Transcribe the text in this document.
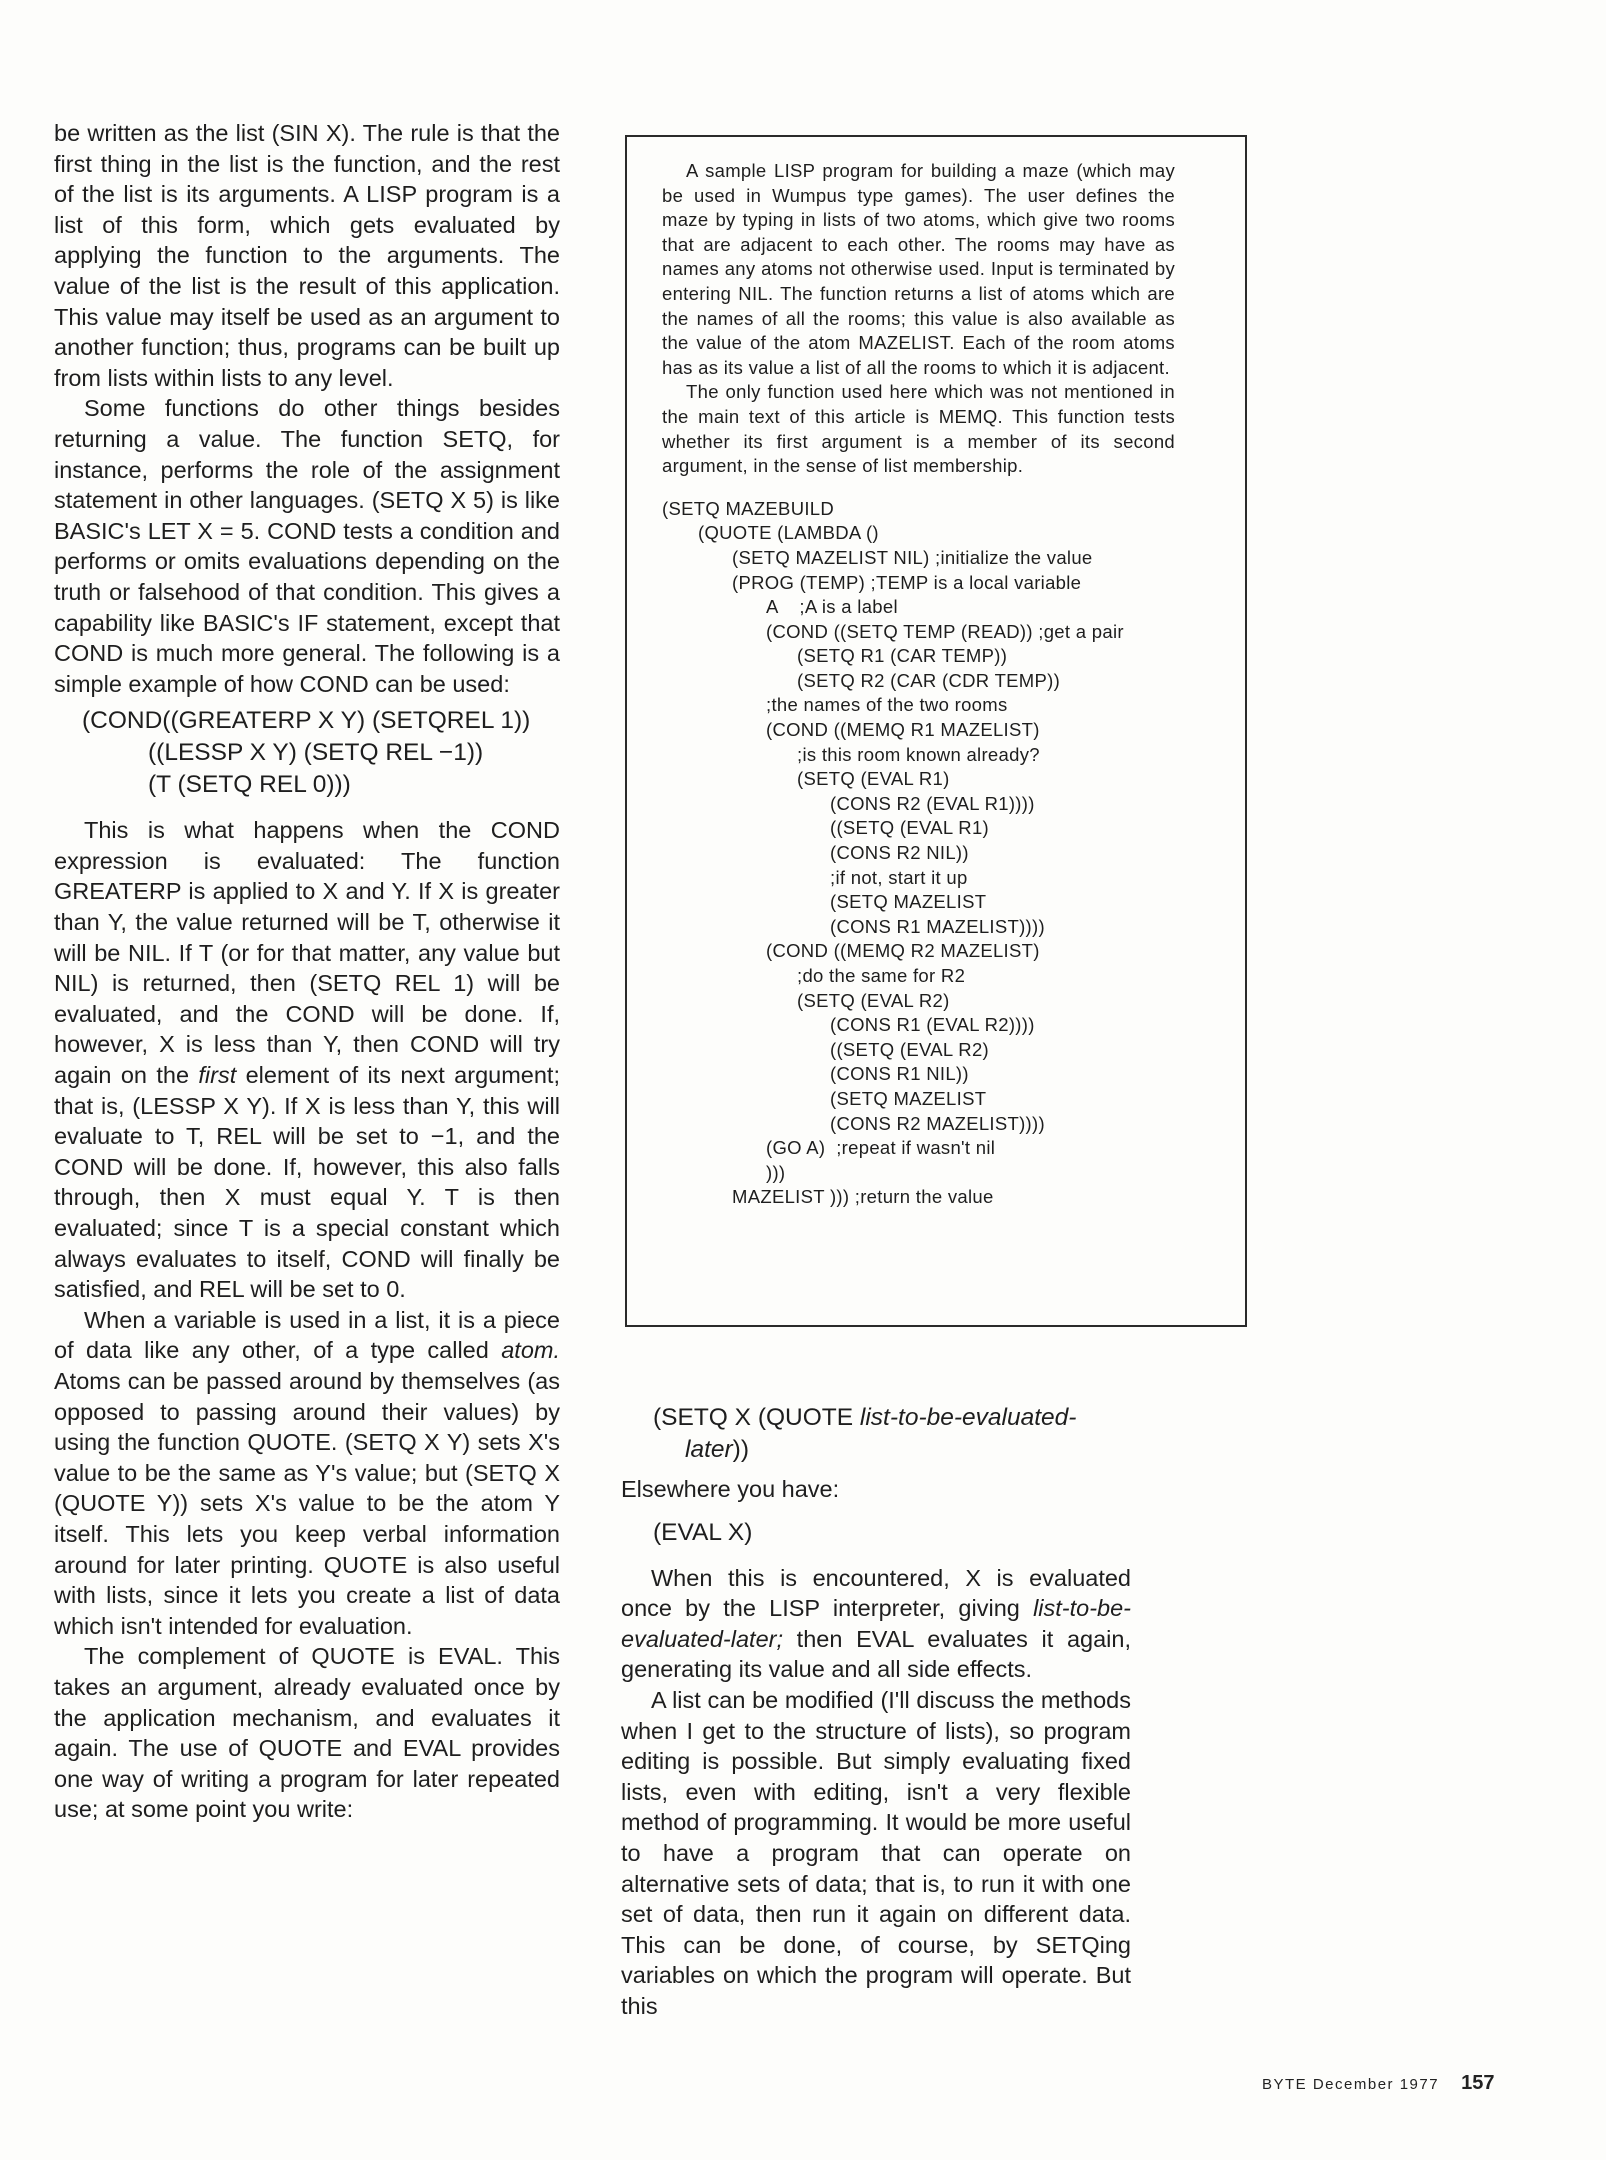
be written as the list (SIN X). The rule is that the first thing in the list is the function, and the rest of the list is its arguments. A LISP program is a list of this form, which gets evaluated by applying the function to the arguments. The value of the list is the result of this application. This value may itself be used as an argument to another function; thus, programs can be built up from lists within lists to any level.

Some functions do other things besides returning a value. The function SETQ, for instance, performs the role of the assignment statement in other languages. (SETQ X 5) is like BASIC's LET X = 5. COND tests a condition and performs or omits evaluations depending on the truth or falsehood of that condition. This gives a capability like BASIC's IF statement, except that COND is much more general. The following is a simple example of how COND can be used:

(COND((GREATERP X Y) (SETQREL 1))
((LESSP X Y) (SETQ REL −1))
(T (SETQ REL 0)))

This is what happens when the COND expression is evaluated: The function GREATERP is applied to X and Y. If X is greater than Y, the value returned will be T, otherwise it will be NIL. If T (or for that matter, any value but NIL) is returned, then (SETQ REL 1) will be evaluated, and the COND will be done. If, however, X is less than Y, then COND will try again on the first element of its next argument; that is, (LESSP X Y). If X is less than Y, this will evaluate to T, REL will be set to −1, and the COND will be done. If, however, this also falls through, then X must equal Y. T is then evaluated; since T is a special constant which always evaluates to itself, COND will finally be satisfied, and REL will be set to 0.

When a variable is used in a list, it is a piece of data like any other, of a type called atom. Atoms can be passed around by themselves (as opposed to passing around their values) by using the function QUOTE. (SETQ X Y) sets X's value to be the same as Y's value; but (SETQ X (QUOTE Y)) sets X's value to be the atom Y itself. This lets you keep verbal information around for later printing. QUOTE is also useful with lists, since it lets you create a list of data which isn't intended for evaluation.

The complement of QUOTE is EVAL. This takes an argument, already evaluated once by the application mechanism, and evaluates it again. The use of QUOTE and EVAL provides one way of writing a program for later repeated use; at some point you write:

A sample LISP program for building a maze (which may be used in Wumpus type games). The user defines the maze by typing in lists of two atoms, which give two rooms that are adjacent to each other. The rooms may have as names any atoms not otherwise used. Input is terminated by entering NIL. The function returns a list of atoms which are the names of all the rooms; this value is also available as the value of the atom MAZELIST. Each of the room atoms has as its value a list of all the rooms to which it is adjacent.

The only function used here which was not mentioned in the main text of this article is MEMQ. This function tests whether its first argument is a member of its second argument, in the sense of list membership.

(SETQ MAZEBUILD
(QUOTE (LAMBDA ()
(SETQ MAZELIST NIL) ;initialize the value
(PROG (TEMP) ;TEMP is a local variable
A    ;A is a label
(COND ((SETQ TEMP (READ)) ;get a pair
(SETQ R1 (CAR TEMP))
(SETQ R2 (CAR (CDR TEMP))
;the names of the two rooms
(COND ((MEMQ R1 MAZELIST)
;is this room known already?
(SETQ (EVAL R1)
(CONS R2 (EVAL R1))))
((SETQ (EVAL R1)
(CONS R2 NIL))
;if not, start it up
(SETQ MAZELIST
(CONS R1 MAZELIST))))
(COND ((MEMQ R2 MAZELIST)
;do the same for R2
(SETQ (EVAL R2)
(CONS R1 (EVAL R2))))
((SETQ (EVAL R2)
(CONS R1 NIL))
(SETQ MAZELIST
(CONS R2 MAZELIST))))
(GO A)  ;repeat if wasn't nil
)))
MAZELIST ))) ;return the value
(SETQ X (QUOTE list-to-be-evaluated-
later))

Elsewhere you have:

(EVAL X)

When this is encountered, X is evaluated once by the LISP interpreter, giving list-to-be-evaluated-later; then EVAL evaluates it again, generating its value and all side effects.

A list can be modified (I'll discuss the methods when I get to the structure of lists), so program editing is possible. But simply evaluating fixed lists, even with editing, isn't a very flexible method of programming. It would be more useful to have a program that can operate on alternative sets of data; that is, to run it with one set of data, then run it again on different data. This can be done, of course, by SETQing variables on which the program will operate. But this

BYTE December 1977 157
